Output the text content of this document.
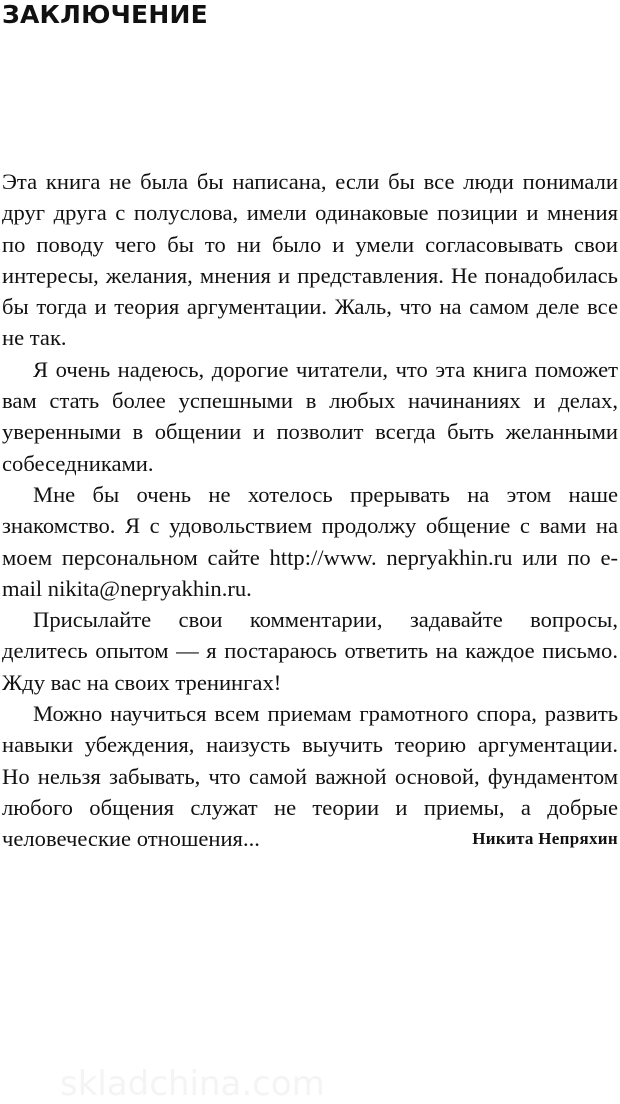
ЗАКЛЮЧЕНИЕ

Эта книга не была бы написана, если бы все люди понимали друг друга с полуслова, имели одинаковые позиции и мнения по поводу чего бы то ни было и умели согласовывать свои интересы, желания, мнения и представления. Не понадобилась бы тогда и теория аргументации. Жаль, что на самом деле все не так.

Я очень надеюсь, дорогие читатели, что эта книга поможет вам стать более успешными в любых начинаниях и делах, уверенными в общении и позволит всегда быть желанными собеседниками.

Мне бы очень не хотелось прерывать на этом наше знакомство. Я с удовольствием продолжу общение с вами на моем персональном сайте http://www. nepryakhin.ru или по e-mail nikita@nepryakhin.ru.

Присылайте свои комментарии, задавайте вопросы, делитесь опытом — я постараюсь ответить на каждое письмо. Жду вас на своих тренингах!

Можно научиться всем приемам грамотного спора, развить навыки убеждения, наизусть выучить теорию аргументации. Но нельзя забывать, что самой важной основой, фундаментом любого общения служат не теории и приемы, а добрые человеческие отношения...	Никита Непряхин
skladchina.com
